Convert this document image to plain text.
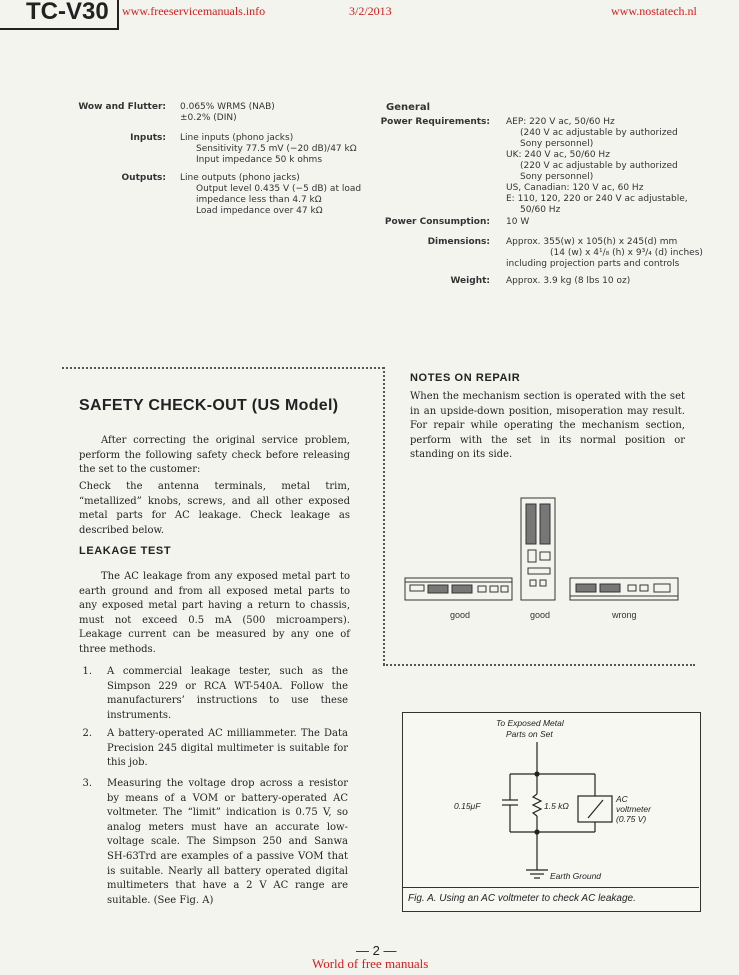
TC-V30	www.freeservicemanuals.info	3/2/2013	www.nostatech.nl
Wow and Flutter: 0.065% WRMS (NAB)
±0.2% (DIN)
Inputs: Line inputs (phono jacks)
Sensitivity 77.5 mV (−20 dB)/47 kΩ
Input impedance 50 k ohms
Outputs: Line outputs (phono jacks)
Output level 0.435 V (−5 dB) at load
impedance less than 4.7 kΩ
Load impedance over 47 kΩ
General
Power Requirements: AEP: 220 V ac, 50/60 Hz
(240 V ac adjustable by authorized
Sony personnel)
UK: 240 V ac, 50/60 Hz
(220 V ac adjustable by authorized
Sony personnel)
US, Canadian: 120 V ac, 60 Hz
E: 110, 120, 220 or 240 V ac adjustable,
50/60 Hz
Power Consumption: 10 W
Dimensions: Approx. 355(w) x 105(h) x 245(d) mm
(14 (w) x 4¹/₈ (h) x 9³/₄ (d) inches)
including projection parts and controls
Weight: Approx. 3.9 kg (8 lbs 10 oz)
SAFETY CHECK-OUT (US Model)
After correcting the original service problem, perform the following safety check before releasing the set to the customer:
Check the antenna terminals, metal trim, “metallized” knobs, screws, and all other exposed metal parts for AC leakage. Check leakage as described below.
LEAKAGE TEST
The AC leakage from any exposed metal part to earth ground and from all exposed metal parts to any exposed metal part having a return to chassis, must not exceed 0.5 mA (500 microampers). Leakage current can be measured by any one of three methods.
1. A commercial leakage tester, such as the Simpson 229 or RCA WT-540A. Follow the manufacturers’ instructions to use these instruments.
2. A battery-operated AC milliammeter. The Data Precision 245 digital multimeter is suitable for this job.
3. Measuring the voltage drop across a resistor by means of a VOM or battery-operated AC voltmeter. The “limit” indication is 0.75 V, so analog meters must have an accurate low-voltage scale. The Simpson 250 and Sanwa SH-63Trd are examples of a passive VOM that is suitable. Nearly all battery operated digital multimeters that have a 2 V AC range are suitable. (See Fig. A)
NOTES ON REPAIR
When the mechanism section is operated with the set in an upside-down position, misoperation may result. For repair while operating the mechanism section, perform with the set in its normal position or standing on its side.
good	good	wrong
To Exposed Metal
Parts on Set
0.15μF	1.5 kΩ
AC
voltmeter
(0.75 V)
Earth Ground
Fig. A. Using an AC voltmeter to check AC leakage.
— 2 —
World of free manuals
